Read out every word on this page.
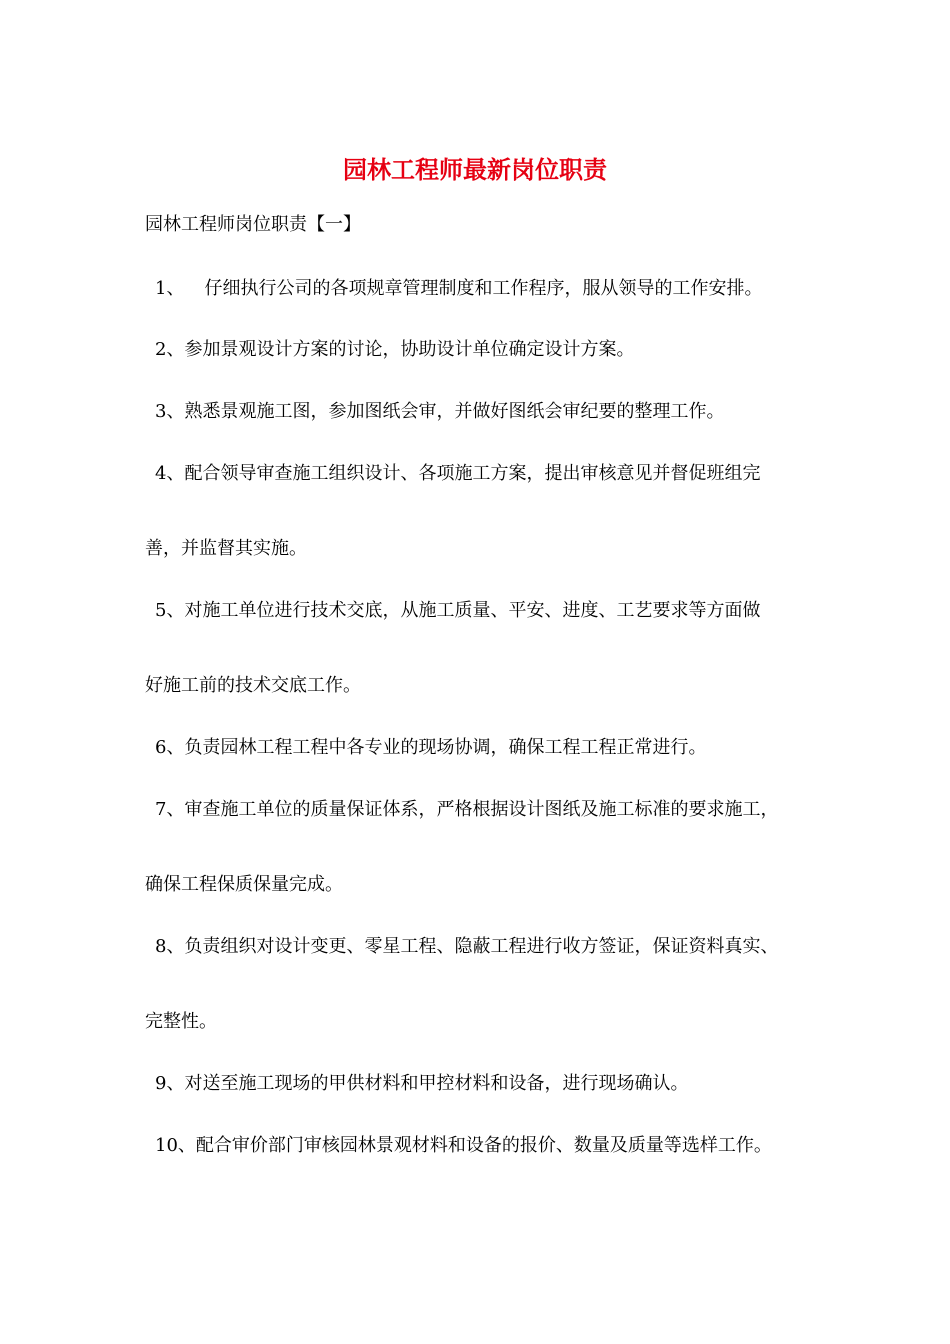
园林工程师最新岗位职责
园林工程师岗位职责【一】
1、 仔细执行公司的各项规章管理制度和工作程序，服从领导的工作安排。
2、参加景观设计方案的讨论，协助设计单位确定设计方案。
3、熟悉景观施工图，参加图纸会审，并做好图纸会审纪要的整理工作。
4、配合领导审查施工组织设计、各项施工方案，提出审核意见并督促班组完
善，并监督其实施。
5、对施工单位进行技术交底，从施工质量、平安、进度、工艺要求等方面做
好施工前的技术交底工作。
6、负责园林工程工程中各专业的现场协调，确保工程工程正常进行。
7、审查施工单位的质量保证体系，严格根据设计图纸及施工标准的要求施工，
确保工程保质保量完成。
8、负责组织对设计变更、零星工程、隐蔽工程进行收方签证，保证资料真实、
完整性。
9、对送至施工现场的甲供材料和甲控材料和设备，进行现场确认。
10、配合审价部门审核园林景观材料和设备的报价、数量及质量等选样工作。
